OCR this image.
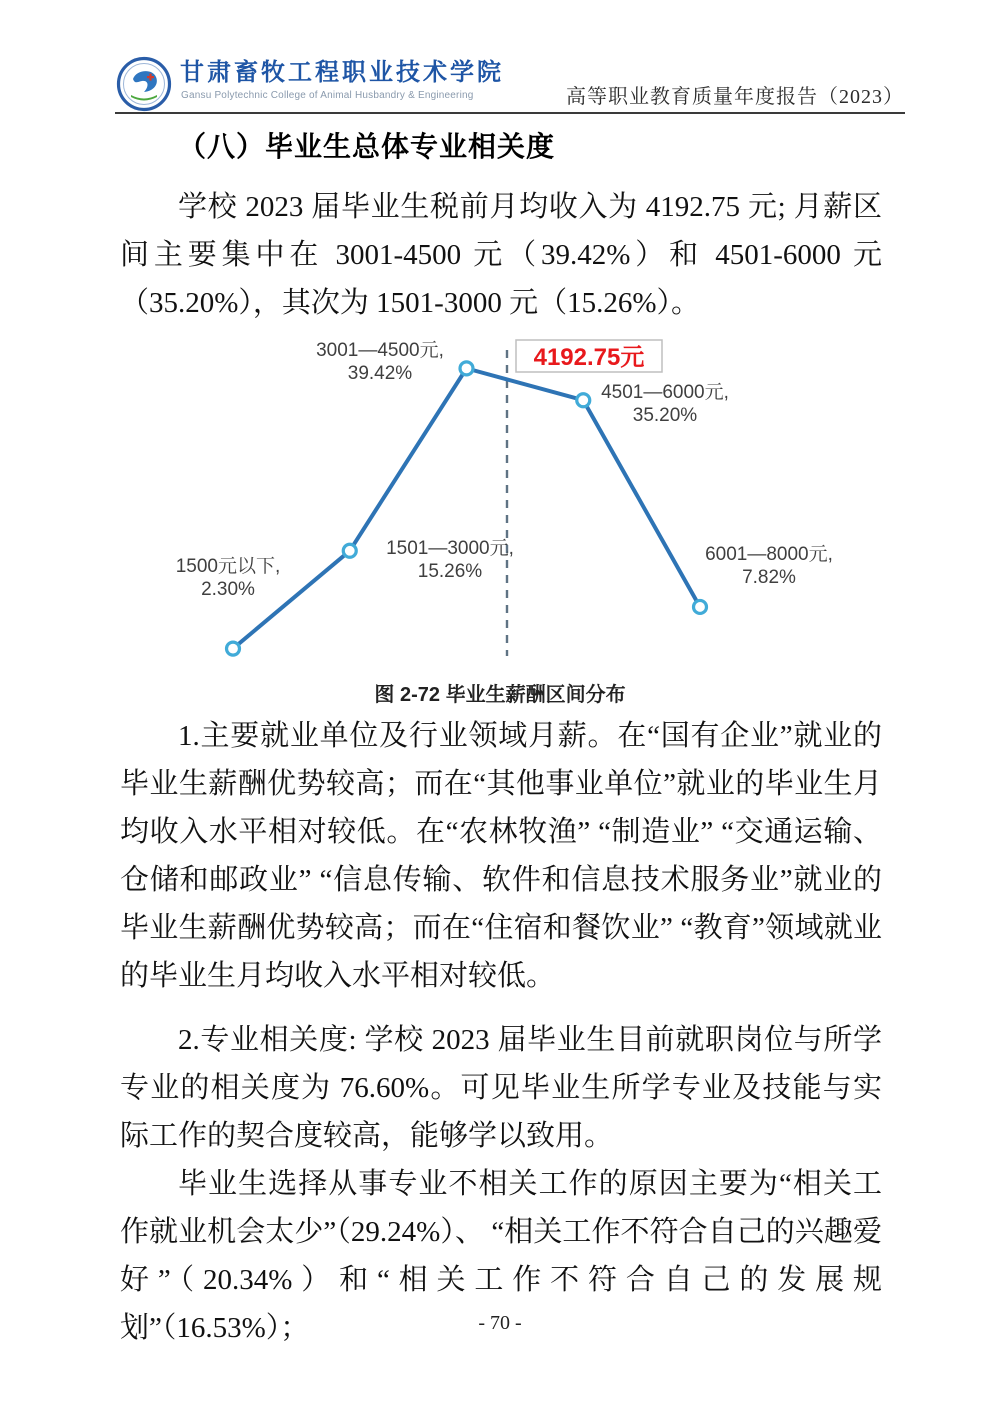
甘肃畜牧工程职业技术学院
Gansu Polytechnic College of Animal Husbandry & Engineering	高等职业教育质量年度报告（2023）
（八）毕业生总体专业相关度

学校 2023 届毕业生税前月均收入为 4192.75 元; 月薪区间主要集中在 3001-4500 元（39.42%）和 4501-6000 元（35.20%），其次为 1501-3000 元（15.26%）。

1500元以下, 2.30%
1501—3000元, 15.26%
3001—4500元, 39.42%
4501—6000元, 35.20%
6001—8000元, 7.82%
4192.75元
图 2-72 毕业生薪酬区间分布

1.主要就业单位及行业领域月薪。在“国有企业”就业的毕业生薪酬优势较高；而在“其他事业单位”就业的毕业生月均收入水平相对较低。在“农林牧渔” “制造业” “交通运输、仓储和邮政业” “信息传输、软件和信息技术服务业”就业的毕业生薪酬优势较高；而在“住宿和餐饮业” “教育”领域就业的毕业生月均收入水平相对较低。

2.专业相关度: 学校 2023 届毕业生目前就职岗位与所学专业的相关度为 76.60%。可见毕业生所学专业及技能与实际工作的契合度较高，能够学以致用。

毕业生选择从事专业不相关工作的原因主要为“相关工作就业机会太少”（29.24%）、 “相关工作不符合自己的兴趣爱好”（20.34%）和“相关工作不符合自己的发展规划”（16.53%）；	- 70 -
